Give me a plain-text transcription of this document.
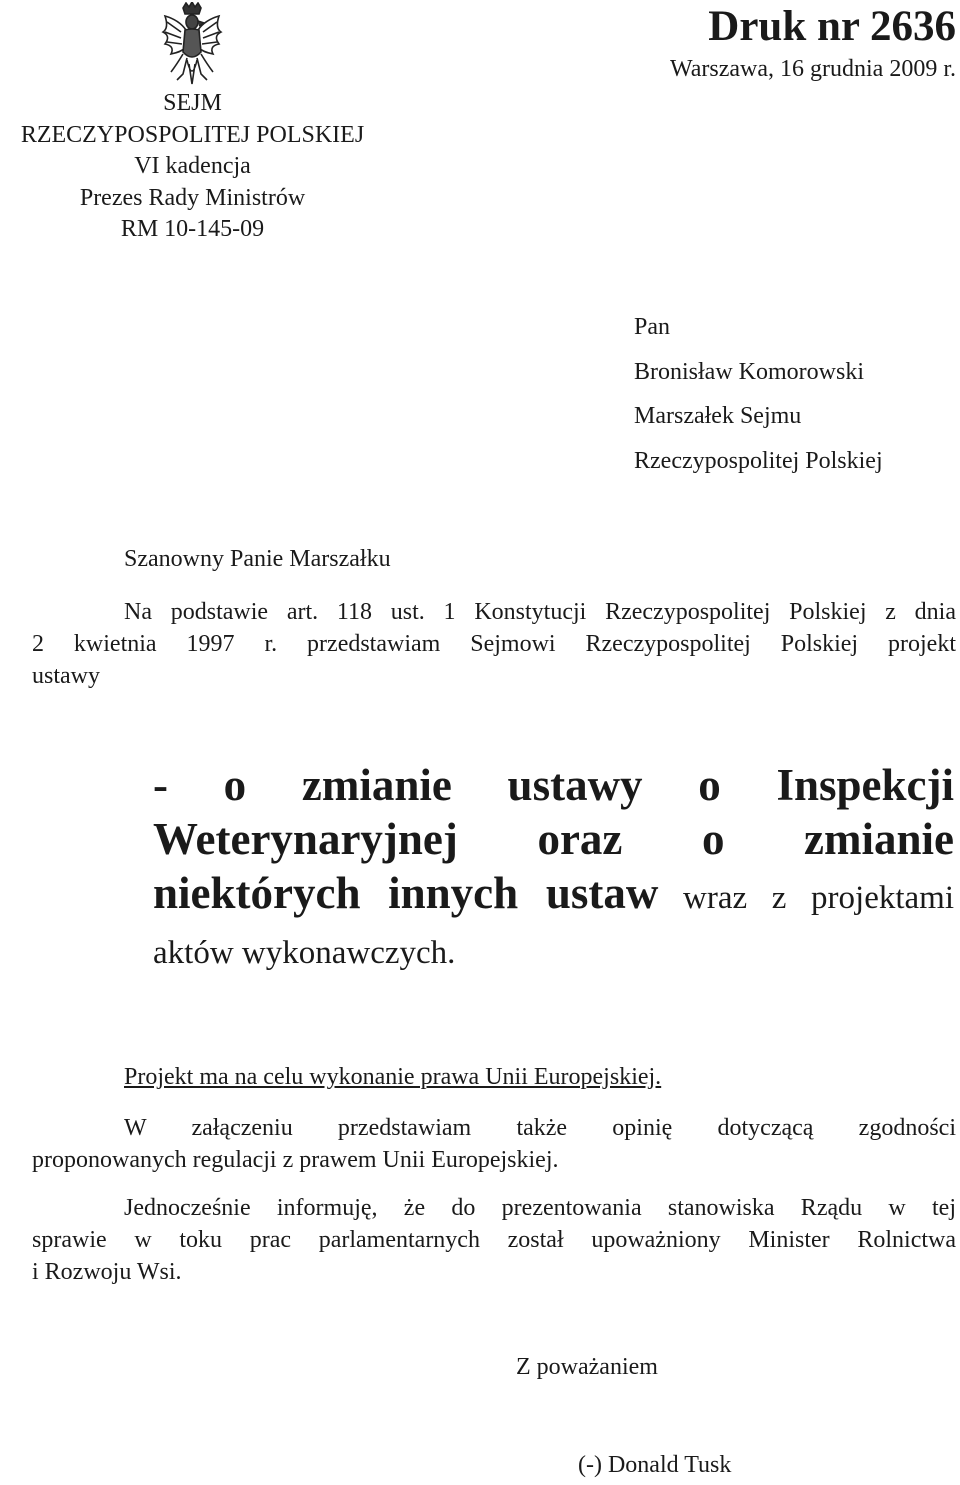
SEJM
RZECZYPOSPOLITEJ POLSKIEJ
VI kadencja
Prezes Rady Ministrów
RM 10-145-09
Druk nr 2636
Warszawa, 16 grudnia 2009 r.
Pan
Bronisław Komorowski
Marszałek Sejmu
Rzeczypospolitej Polskiej
Szanowny Panie Marszałku
Na podstawie art. 118 ust. 1 Konstytucji Rzeczypospolitej Polskiej z dnia
2 kwietnia 1997 r. przedstawiam Sejmowi Rzeczypospolitej Polskiej projekt
ustawy
- o zmianie ustawy o Inspekcji
Weterynaryjnej oraz o zmianie
niektórych innych ustaw wraz z projektami
aktów wykonawczych.
Projekt ma na celu wykonanie prawa Unii Europejskiej.
W załączeniu przedstawiam także opinię dotyczącą zgodności
proponowanych regulacji z prawem Unii Europejskiej.
Jednocześnie informuję, że do prezentowania stanowiska Rządu w tej
sprawie w toku prac parlamentarnych został upoważniony Minister Rolnictwa
i Rozwoju Wsi.
Z poważaniem
(-) Donald Tusk
